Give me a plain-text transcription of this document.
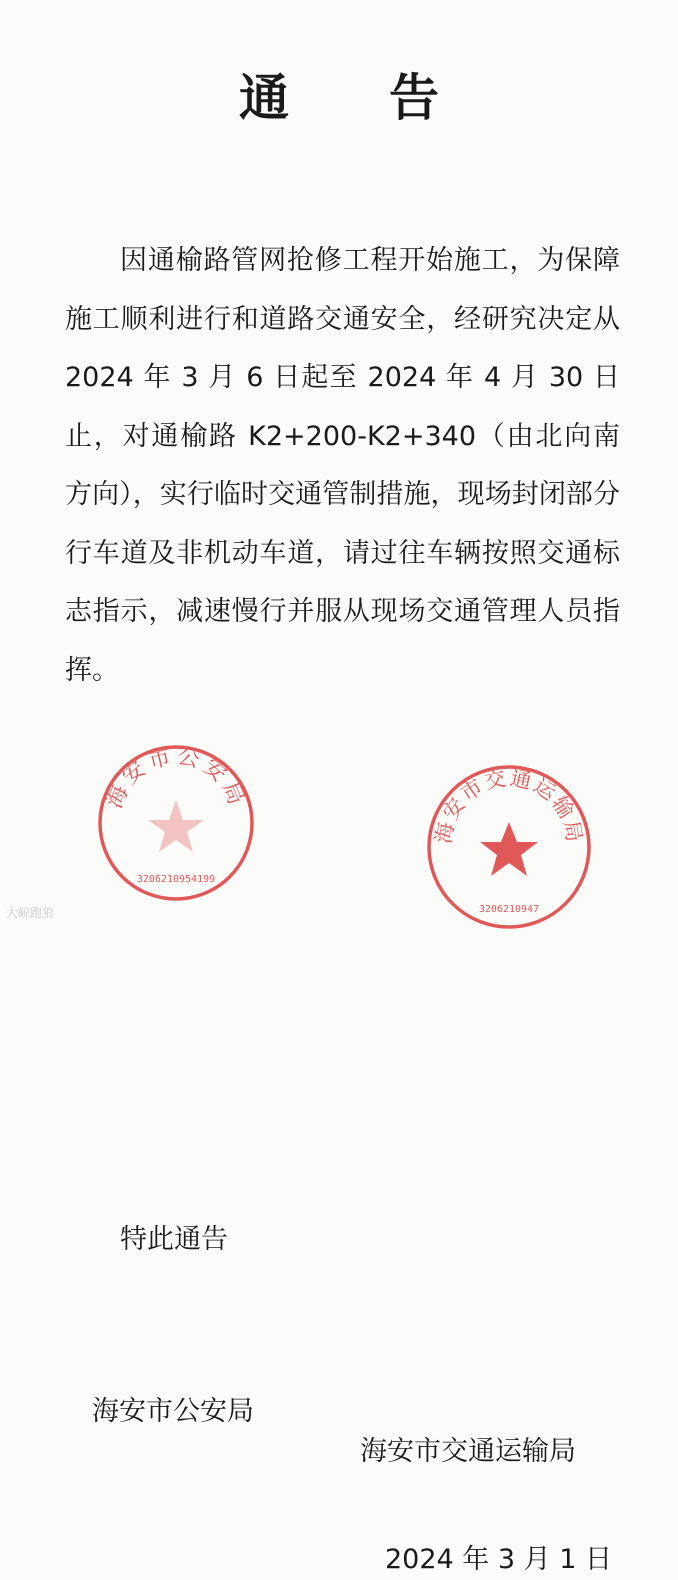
通告
因通榆路管网抢修工程开始施工，为保障施工顺利进行和道路交通安全，经研究决定从 2024 年 3 月 6 日起至 2024 年 4 月 30 日止，对通榆路 K2+200-K2+340（由北向南方向），实行临时交通管制措施，现场封闭部分行车道及非机动车道，请过往车辆按照交通标志指示，减速慢行并服从现场交通管理人员指挥。
特此通告
海安市公安局
3206210954199
海安市交通运输局
3206210947
海安市公安局
海安市交通运输局
2024 年 3 月 1 日
大鲸跑狼
